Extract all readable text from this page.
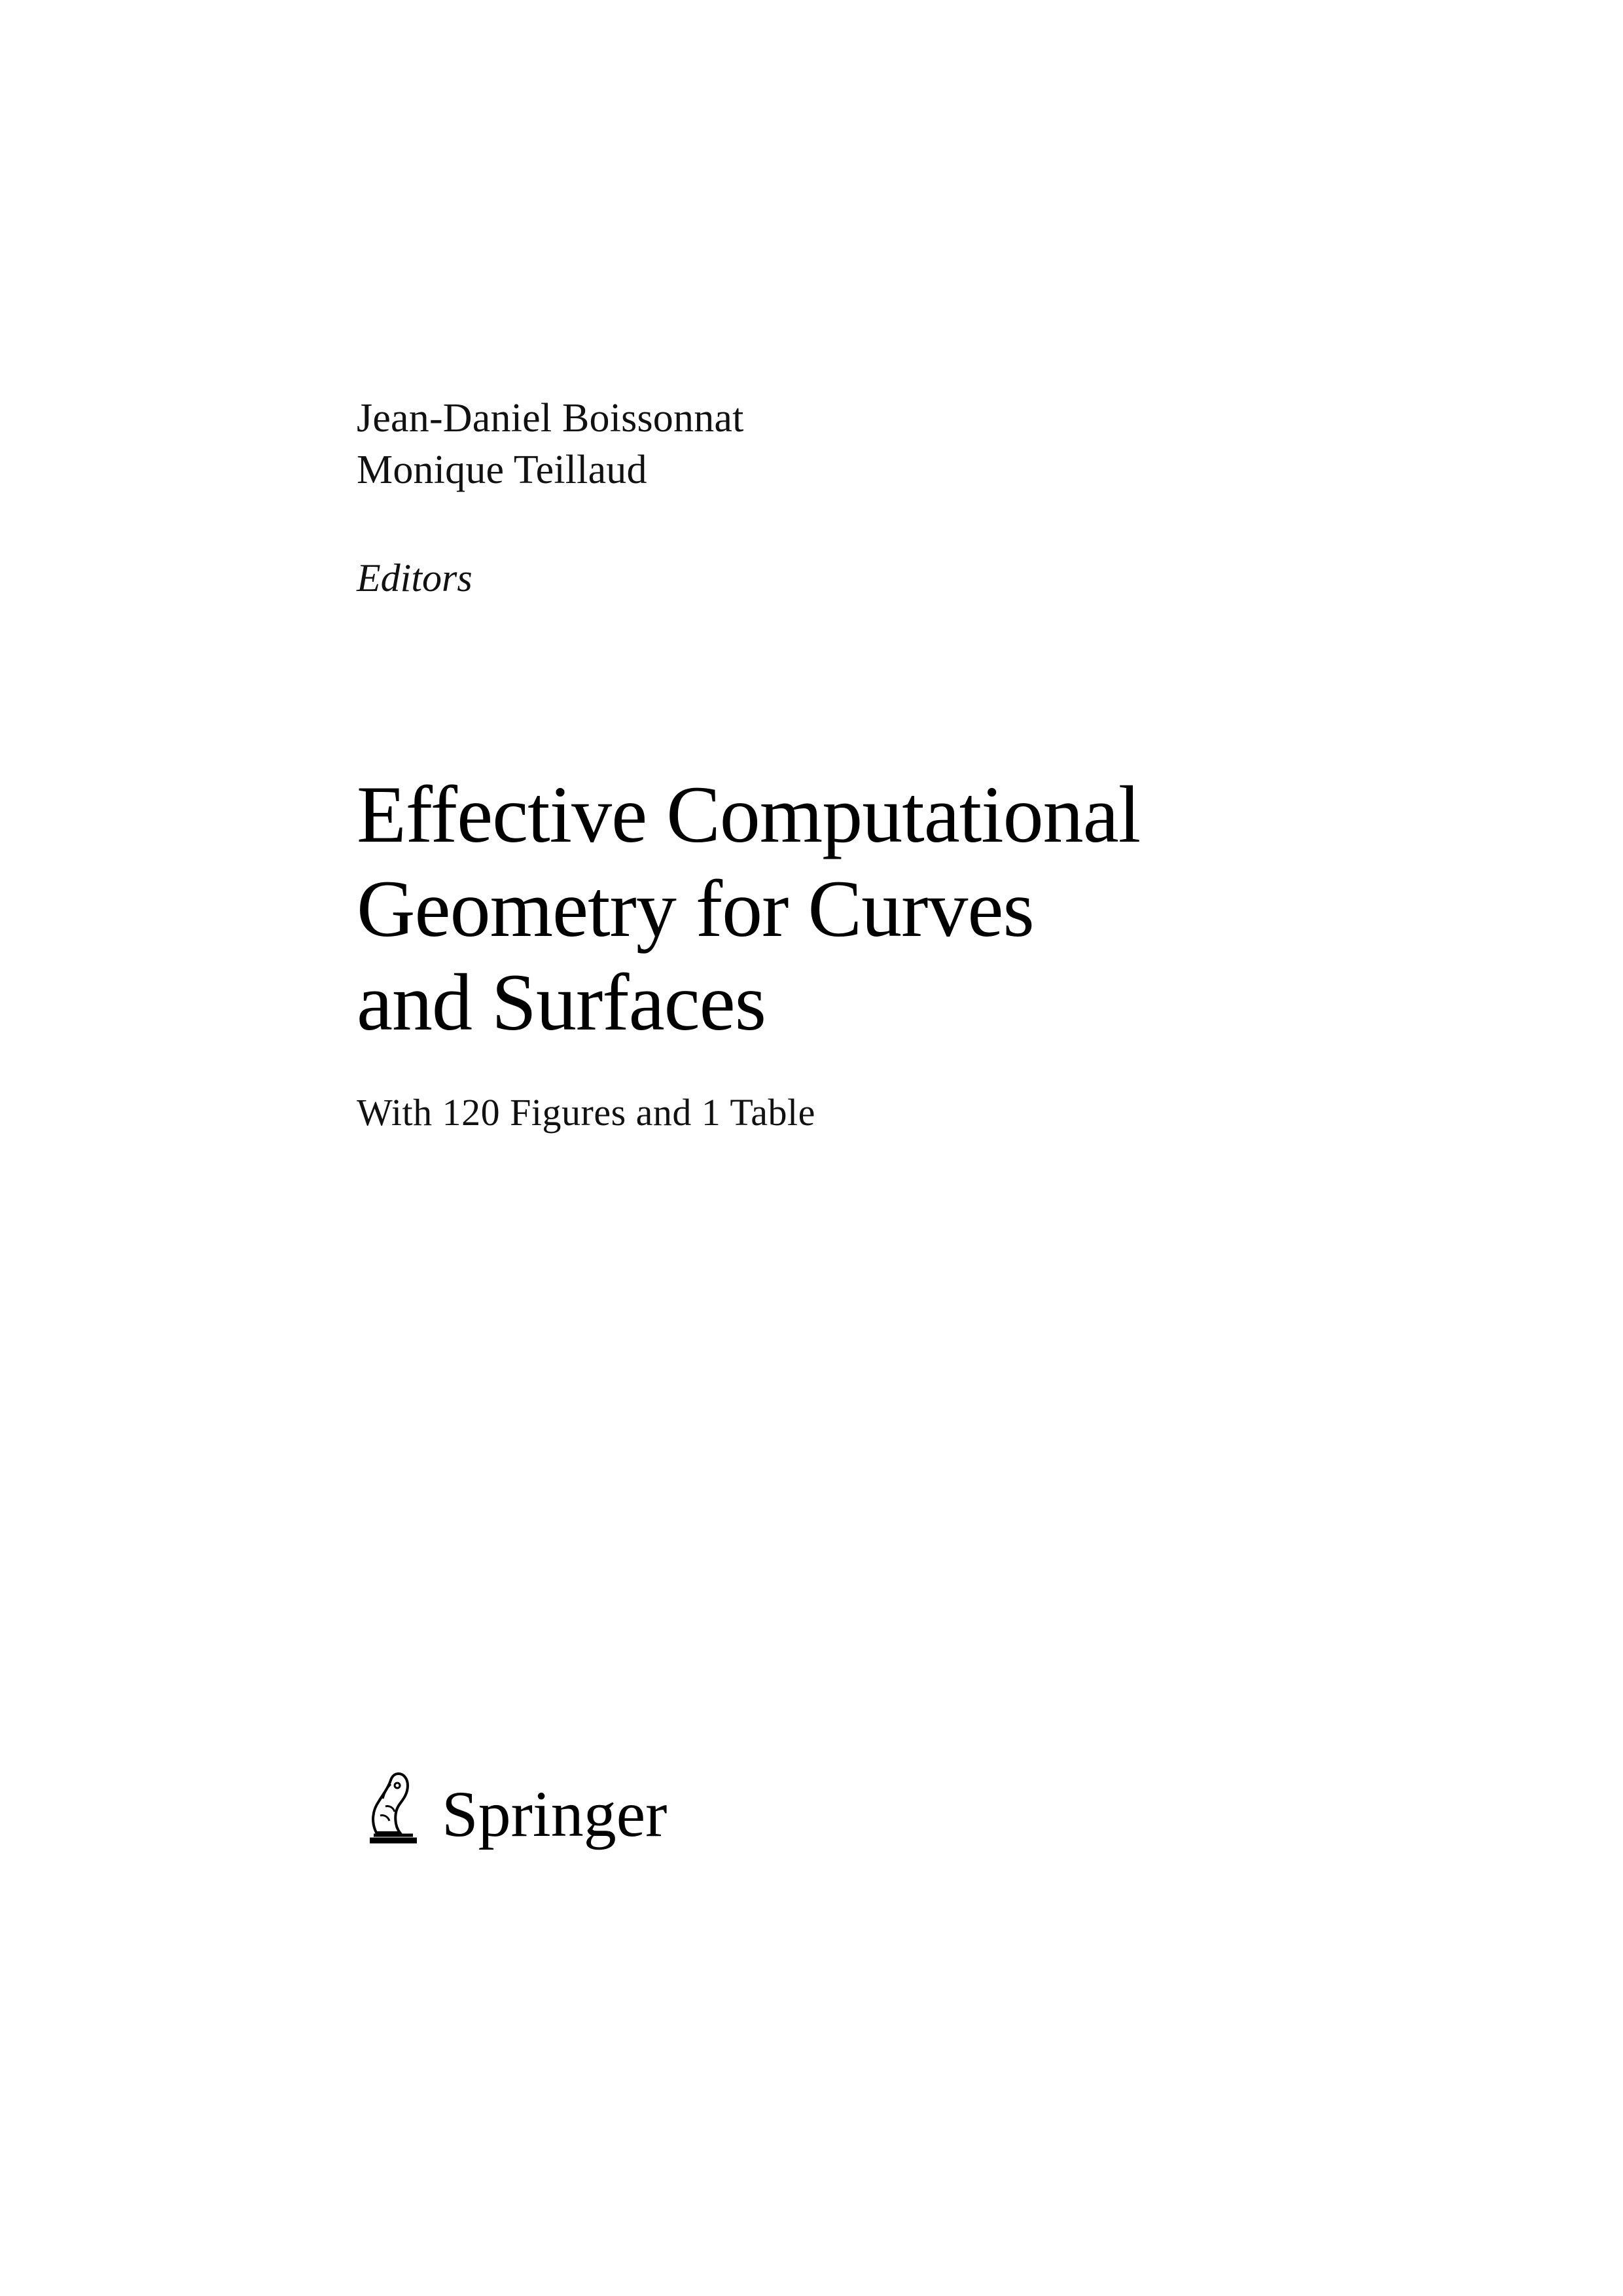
Jean-Daniel Boissonnat
Monique Teillaud
Editors
Effective Computational
Geometry for Curves
and Surfaces
With 120 Figures and 1 Table
Springer
